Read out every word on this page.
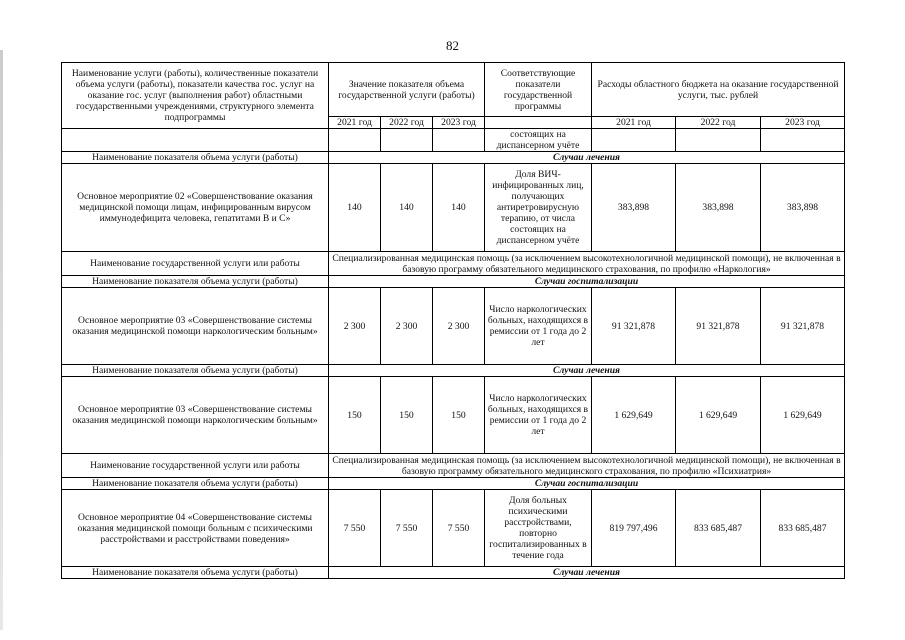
82
Наименование услуги (работы), количественные показатели объема услуги (работы), показатели качества гос. услуг на оказание гос. услуг (выполнения работ) областными государственными учреждениями, структурного элемента подпрограммы	Значение показателя объема государственной услуги (работы)			Соответствующие показатели государственной программы	Расходы областного бюджета на оказание государственной услуги, тыс. рублей		
	2021 год	2022 год	2023 год		2021 год	2022 год	2023 год
				состоящих на диспансерном учёте			
Наименование показателя объема услуги (работы)	Случаи лечения						
Основное мероприятие 02 «Совершенствование оказания медицинской помощи лицам, инфицированным вирусом иммунодефицита человека, гепатитами В и С»	140	140	140	Доля ВИЧ-инфицированных лиц, получающих антиретровирусную терапию, от числа состоящих на диспансерном учёте	383,898	383,898	383,898
Наименование государственной услуги или работы	Специализированная медицинская помощь (за исключением высокотехнологичной медицинской помощи), не включенная в базовую программу обязательного медицинского страхования, по профилю «Наркология»						
Наименование показателя объема услуги (работы)	Случаи госпитализации						
Основное мероприятие 03 «Совершенствование системы оказания медицинской помощи наркологическим больным»	2 300	2 300	2 300	Число наркологических больных, находящихся в ремиссии от 1 года до 2 лет	91 321,878	91 321,878	91 321,878
Наименование показателя объема услуги (работы)	Случаи лечения						
Основное мероприятие 03 «Совершенствование системы оказания медицинской помощи наркологическим больным»	150	150	150	Число наркологических больных, находящихся в ремиссии от 1 года до 2 лет	1 629,649	1 629,649	1 629,649
Наименование государственной услуги или работы	Специализированная медицинская помощь (за исключением высокотехнологичной медицинской помощи), не включенная в базовую программу обязательного медицинского страхования, по профилю «Психиатрия»						
Наименование показателя объема услуги (работы)	Случаи госпитализации						
Основное мероприятие 04 «Совершенствование системы оказания медицинской помощи больным с психическими расстройствами и расстройствами поведения»	7 550	7 550	7 550	Доля больных психическими расстройствами, повторно госпитализированных в течение года	819 797,496	833 685,487	833 685,487
Наименование показателя объема услуги (работы)	Случаи лечения						
